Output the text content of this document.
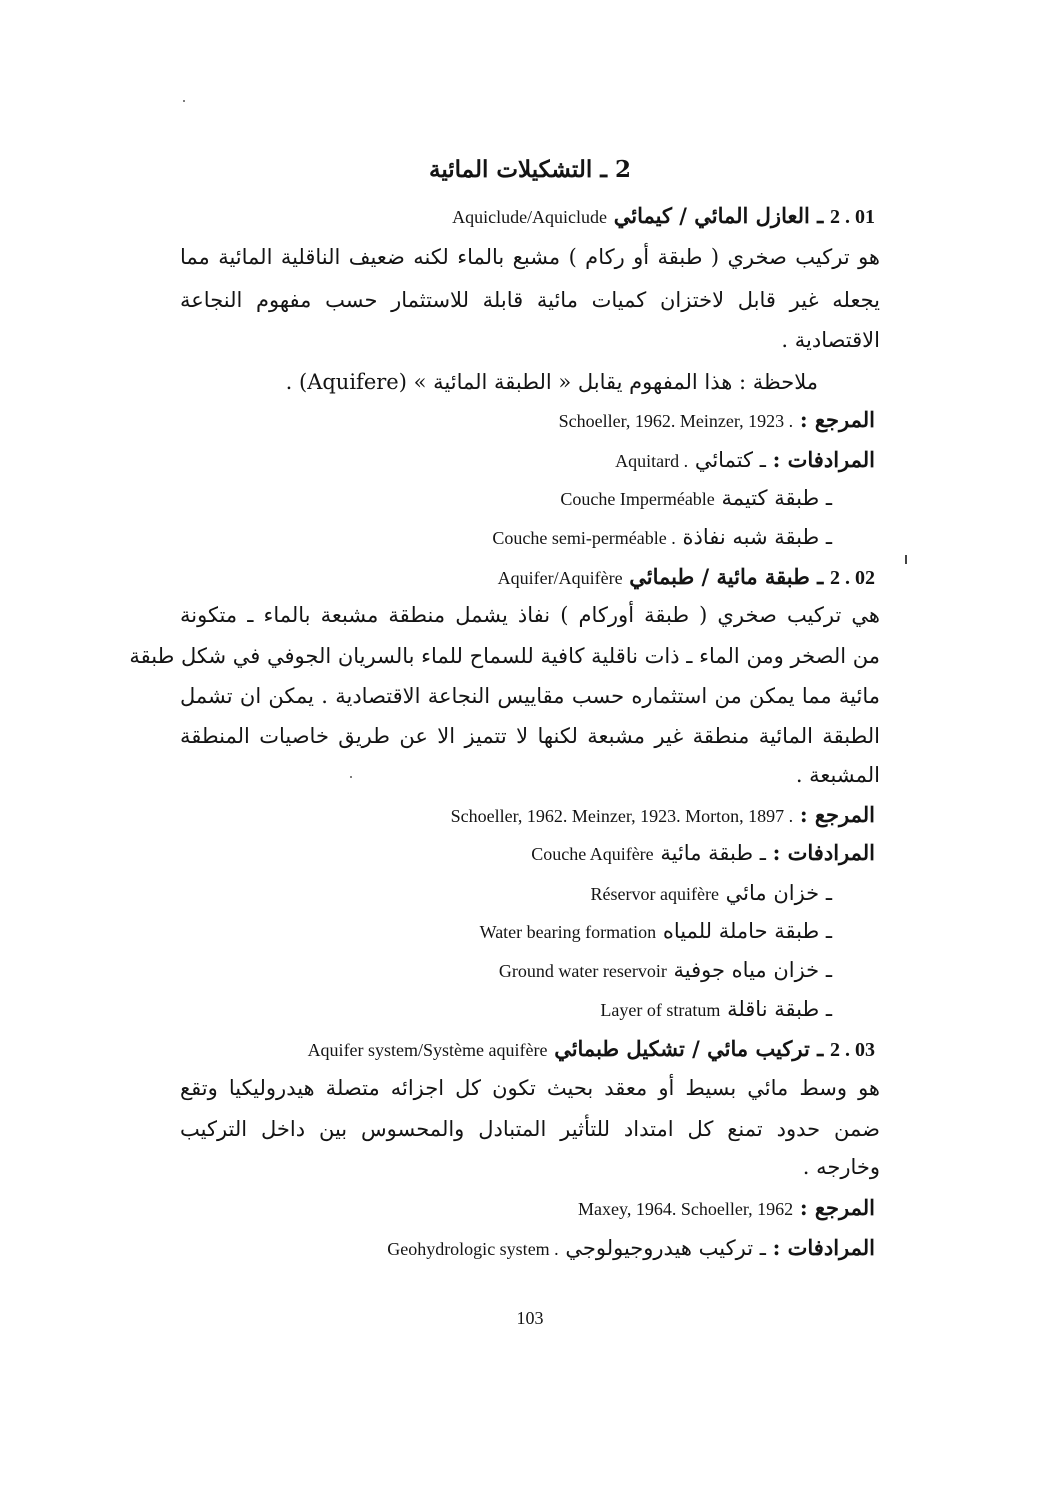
2 ـ التشكيلات المائية
2 . 01 ـ العازل المائي / كيمائي Aquiclude/Aquiclude
هو تركيب صخري ( طبقة أو ركام ) مشبع بالماء لكنه ضعيف الناقلية المائية مما
يجعله غير قابل لاختزان كميات مائية قابلة للاستثمار حسب مفهوم النجاعة
الاقتصادية .
ملاحظة : هذا المفهوم يقابل « الطبقة المائية » (Aquifere) .
المرجع : Schoeller, 1962. Meinzer, 1923 .
المرادفات : ـ كتمائي Aquitard .
ـ طبقة كتيمة Couche Imperméable
ـ طبقة شبه نفاذة Couche semi-perméable .
2 . 02 ـ طبقة مائية / طبمائي Aquifer/Aquifère
هي تركيب صخري ( طبقة أوركام ) نفاذ يشمل منطقة مشبعة بالماء ـ متكونة
من الصخر ومن الماء ـ ذات ناقلية كافية للسماح للماء بالسريان الجوفي في شكل طبقة
مائية مما يمكن من استثماره حسب مقاييس النجاعة الاقتصادية . يمكن ان تشمل
الطبقة المائية منطقة غير مشبعة لكنها لا تتميز الا عن طريق خاصيات المنطقة
المشبعة .
المرجع : Schoeller, 1962. Meinzer, 1923. Morton, 1897 .
المرادفات : ـ طبقة مائية Couche Aquifère
ـ خزان مائي Réservor aquifère
ـ طبقة حاملة للمياه Water bearing formation
ـ خزان مياه جوفية Ground water reservoir
ـ طبقة ناقلة Layer of stratum
2 . 03 ـ تركيب مائي / تشكيل طبمائي Aquifer system/Système aquifère
هو وسط مائي بسيط أو معقد بحيث تكون كل اجزائه متصلة هيدروليكيا وتقع
ضمن حدود تمنع كل امتداد للتأثير المتبادل والمحسوس بين داخل التركيب
وخارجه .
المرجع : Maxey, 1964. Schoeller, 1962
المرادفات : ـ تركيب هيدروجيولوجي Geohydrologic system .
103
